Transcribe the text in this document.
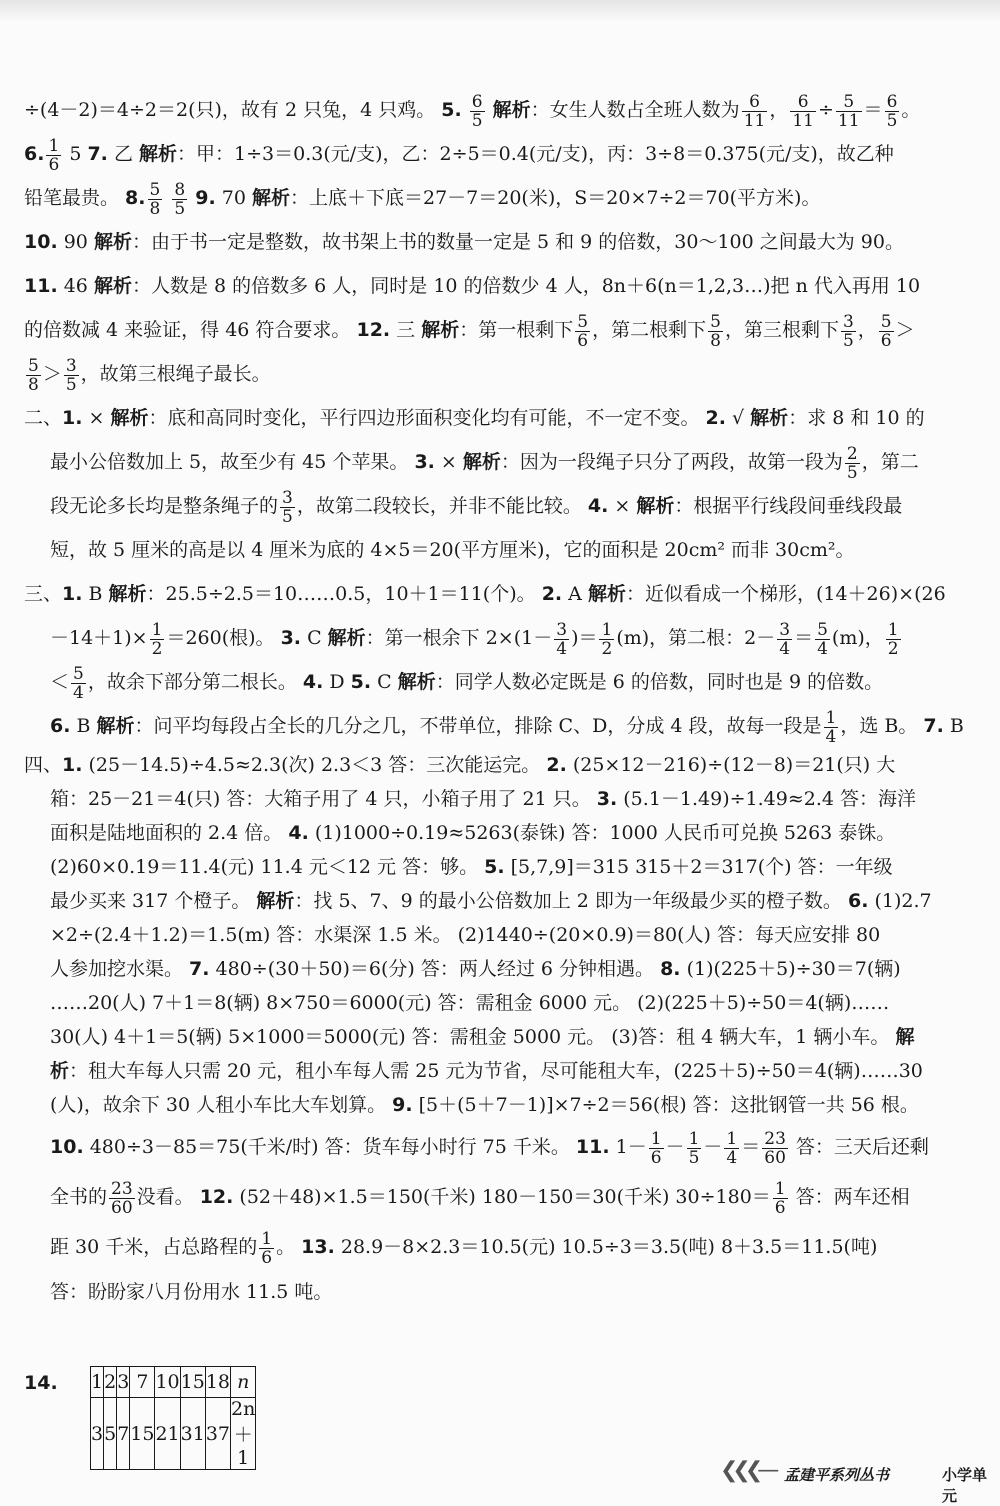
÷(4－2)＝4÷2＝2(只)，故有 2 只兔，4 只鸡。 5. $\frac{6}{5}$ 解析：女生人数占全班人数为 $\frac{6}{11}$ ， $\frac{6}{11} \div \frac{5}{11} = \frac{6}{5}$ 。

6. $\frac{1}{6} 5$ 7. 乙 解析：甲：1÷3＝0.3(元/支)，乙：2÷5＝0.4(元/支)，丙：3÷8＝0.375(元/支)，故乙种

铅笔最贵。 8. $\frac{5}{8}$
$\frac{8}{5} 9$. 70 解析：上底＋下底＝27－7＝20(米)，S＝20×7÷2＝70(平方米)。

10. 90 解析：由于书一定是整数，故书架上书的数量一定是 5 和 9 的倍数，30～100 之间最大为 90。

11. 46 解析：人数是 8 的倍数多 6 人，同时是 10 的倍数少 4 人，8n＋6(n＝1,2,3…)把 n 代入再用 10

的倍数减 4 来验证，得 46 符合要求。 12. 三 解析：第一根剩下 $\frac{5}{6}$ ，第二根剩下 $\frac{5}{8}$ ，第三根剩下 $\frac{3}{5}$ ， $\frac{5}{6}$ ＞

$\frac{5}{8} > \frac{3}{5}$ ，故第三根绳子最长。

二、1. × 解析：底和高同时变化，平行四边形面积变化均有可能，不一定不变。 2. √ 解析：求 8 和 10 的

最小公倍数加上 5，故至少有 45 个苹果。 3. × 解析：因为一段绳子只分了两段，故第一段为 $\frac{2}{5}$ ，第二

段无论多长均是整条绳子的 $\frac{3}{5}$ ，故第二段较长，并非不能比较。 4. × 解析：根据平行线段间垂线段最

短，故 5 厘米的高是以 4 厘米为底的 4×5＝20(平方厘米)，它的面积是 20cm² 而非 30cm²。

三、1. B 解析：25.5÷2.5＝10……0.5，10＋1＝11(个)。 2. A 解析：近似看成一个梯形，(14＋26)×(26

$-14+1)\times \frac{1}{2} =260$(根)。 3. C 解析：第一根余下 $2\times(1- \frac{3}{4}$ )＝ $\frac{1}{2} (m)$，第二根：$2- \frac{3}{4} = \frac{5}{4} (m)$， $\frac{1}{2}$

＜ $\frac{5}{4}$ ，故余下部分第二根长。 4. D 5. C 解析：同学人数必定既是 6 的倍数，同时也是 9 的倍数。

6. B 解析：问平均每段占全长的几分之几，不带单位，排除 C、D，分成 4 段，故每一段是 $\frac{1}{4}$ ，选 B。 7. B

四、1. (25－14.5)÷4.5≈2.3(次) 2.3＜3 答：三次能运完。 2. (25×12－216)÷(12－8)＝21(只) 大

箱：25－21＝4(只) 答：大箱子用了 4 只，小箱子用了 21 只。 3. (5.1－1.49)÷1.49≈2.4 答：海洋

面积是陆地面积的 2.4 倍。 4. (1)1000÷0.19≈5263(泰铢) 答：1000 人民币可兑换 5263 泰铢。

(2)60×0.19＝11.4(元) 11.4 元＜12 元 答：够。 5. [5,7,9]＝315 315＋2＝317(个) 答：一年级

最少买来 317 个橙子。 解析：找 5、7、9 的最小公倍数加上 2 即为一年级最少买的橙子数。 6. (1)2.7

×2÷(2.4＋1.2)＝1.5(m) 答：水渠深 1.5 米。 (2)1440÷(20×0.9)＝80(人) 答：每天应安排 80

人参加挖水渠。 7. 480÷(30＋50)＝6(分) 答：两人经过 6 分钟相遇。 8. (1)(225＋5)÷30＝7(辆)

……20(人) 7＋1＝8(辆) 8×750＝6000(元) 答：需租金 6000 元。 (2)(225＋5)÷50＝4(辆)……

30(人) 4＋1＝5(辆) 5×1000＝5000(元) 答：需租金 5000 元。 (3)答：租 4 辆大车，1 辆小车。 解

析：租大车每人只需 20 元，租小车每人需 25 元为节省，尽可能租大车，(225＋5)÷50＝4(辆)……30

(人)，故余下 30 人租小车比大车划算。 9. [5＋(5＋7－1)]×7÷2＝56(根) 答：这批钢管一共 56 根。

10. 480÷3－85＝75(千米/时) 答：货车每小时行 75 千米。 11. $1- \frac{1}{6} - \frac{1}{5} - \frac{1}{4} = \frac{23}{60}$ 答：三天后还剩

全书的 $\frac{23}{60}$ 没看。 12. (52＋48)×1.5＝150(千米) 180－150＝30(千米) $30\div 180= \frac{1}{6}$ 答：两车还相

距 30 千米，占总路程的 $\frac{1}{6}$ 。 13. 28.9－8×2.3＝10.5(元) 10.5÷3＝3.5(吨) 8＋3.5＝11.5(吨)

答：盼盼家八月份用水 11.5 吨。

14. 1	2	3	7	10	15	18	n
3	5	7	15	21	31	37	2n＋1	❮❮❮— 孟建平系列丛书	小学单元
